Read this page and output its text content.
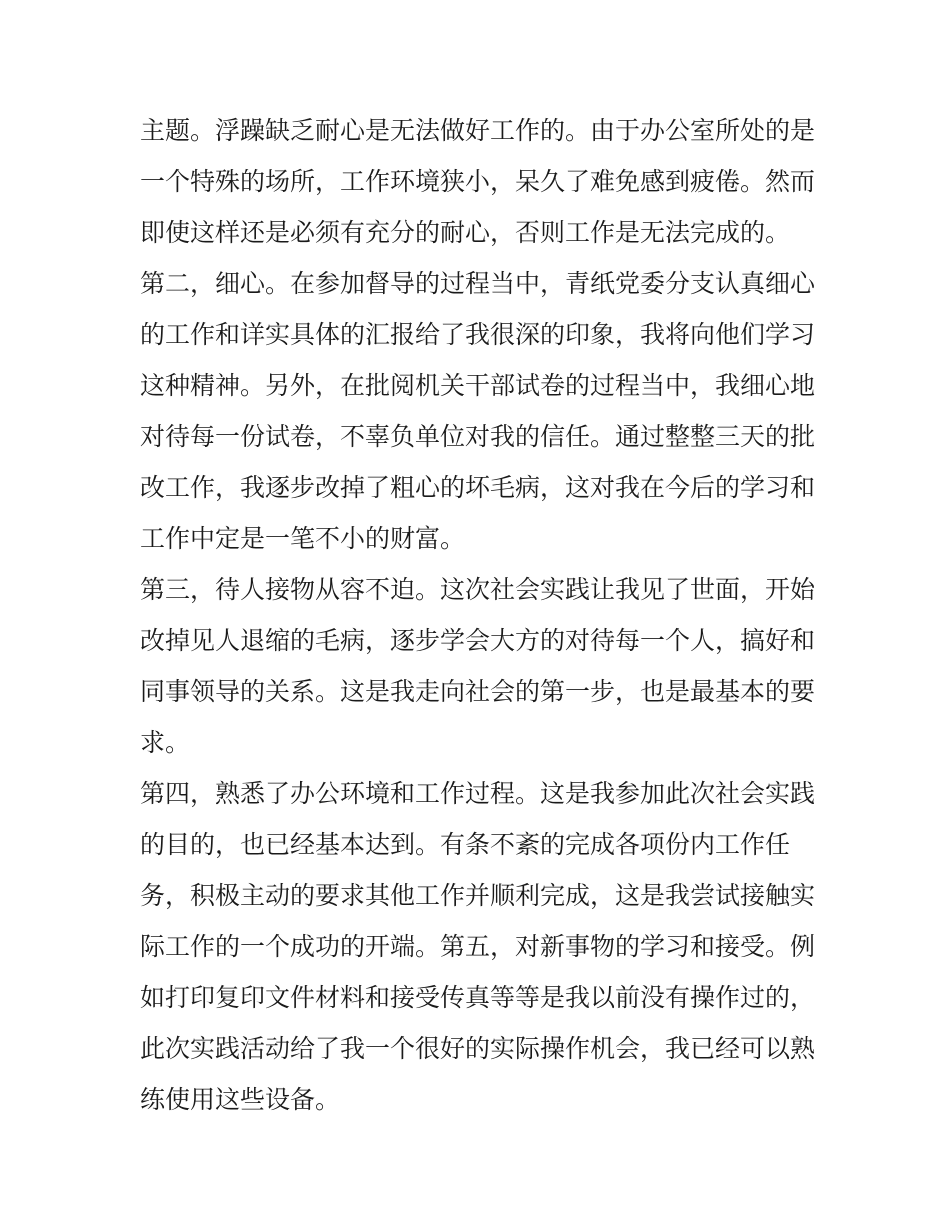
主题。浮躁缺乏耐心是无法做好工作的。由于办公室所处的是
一个特殊的场所，工作环境狭小，呆久了难免感到疲倦。然而
即使这样还是必须有充分的耐心，否则工作是无法完成的。
第二，细心。在参加督导的过程当中，青纸党委分支认真细心
的工作和详实具体的汇报给了我很深的印象，我将向他们学习
这种精神。另外，在批阅机关干部试卷的过程当中，我细心地
对待每一份试卷，不辜负单位对我的信任。通过整整三天的批
改工作，我逐步改掉了粗心的坏毛病，这对我在今后的学习和
工作中定是一笔不小的财富。
第三，待人接物从容不迫。这次社会实践让我见了世面，开始
改掉见人退缩的毛病，逐步学会大方的对待每一个人，搞好和
同事领导的关系。这是我走向社会的第一步，也是最基本的要
求。
第四，熟悉了办公环境和工作过程。这是我参加此次社会实践
的目的，也已经基本达到。有条不紊的完成各项份内工作任
务，积极主动的要求其他工作并顺利完成，这是我尝试接触实
际工作的一个成功的开端。第五，对新事物的学习和接受。例
如打印复印文件材料和接受传真等等是我以前没有操作过的，
此次实践活动给了我一个很好的实际操作机会，我已经可以熟
练使用这些设备。
